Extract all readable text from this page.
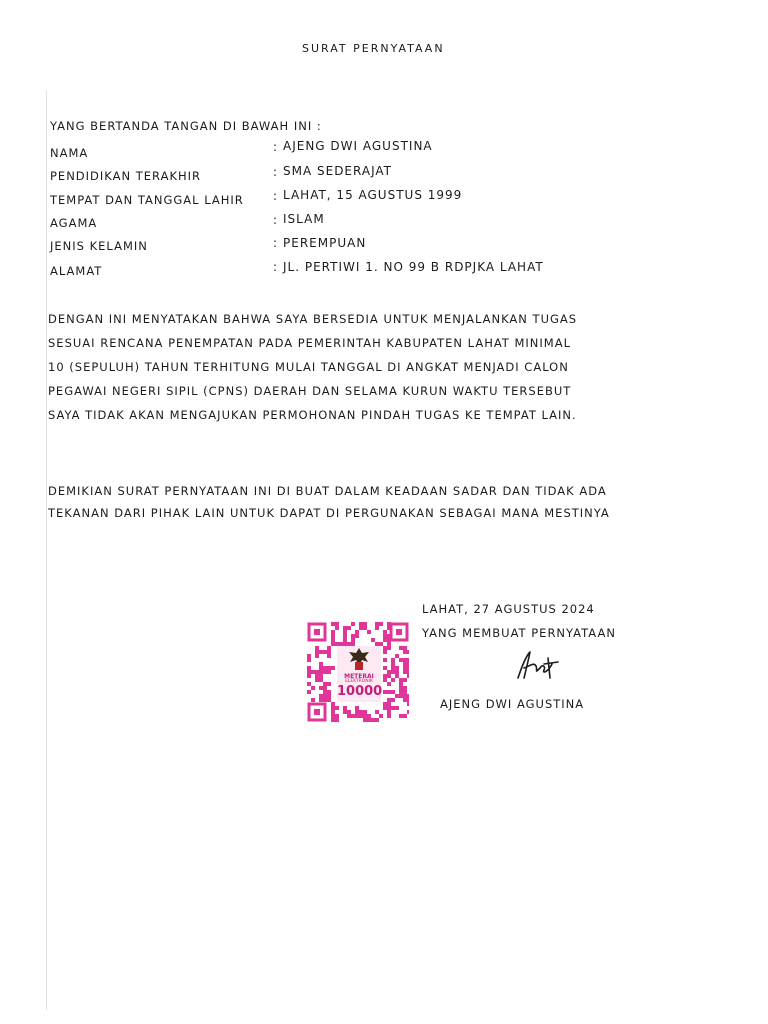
SURAT PERNYATAAN
YANG BERTANDA TANGAN DI BAWAH INI :
NAMA	: AJENG DWI AGUSTINA
PENDIDIKAN TERAKHIR	: SMA SEDERAJAT
TEMPAT DAN TANGGAL LAHIR : LAHAT, 15 AGUSTUS 1999
AGAMA	: ISLAM
JENIS KELAMIN	: PEREMPUAN
ALAMAT	: JL. PERTIWI 1. NO 99 B RDPJKA LAHAT
DENGAN INI MENYATAKAN BAHWA SAYA BERSEDIA UNTUK MENJALANKAN TUGAS
SESUAI RENCANA PENEMPATAN PADA PEMERINTAH KABUPATEN LAHAT MINIMAL
10 (SEPULUH) TAHUN TERHITUNG MULAI TANGGAL DI ANGKAT MENJADI CALON
PEGAWAI NEGERI SIPIL (CPNS) DAERAH DAN SELAMA KURUN WAKTU TERSEBUT
SAYA TIDAK AKAN MENGAJUKAN PERMOHONAN PINDAH TUGAS KE TEMPAT LAIN.
DEMIKIAN SURAT PERNYATAAN INI DI BUAT DALAM KEADAAN SADAR DAN TIDAK ADA
TEKANAN DARI PIHAK LAIN UNTUK DAPAT DI PERGUNAKAN SEBAGAI MANA MESTINYA
LAHAT, 27 AGUSTUS 2024
YANG MEMBUAT PERNYATAAN
AJENG DWI AGUSTINA
METERAI
ELEKTRONIK
10000
